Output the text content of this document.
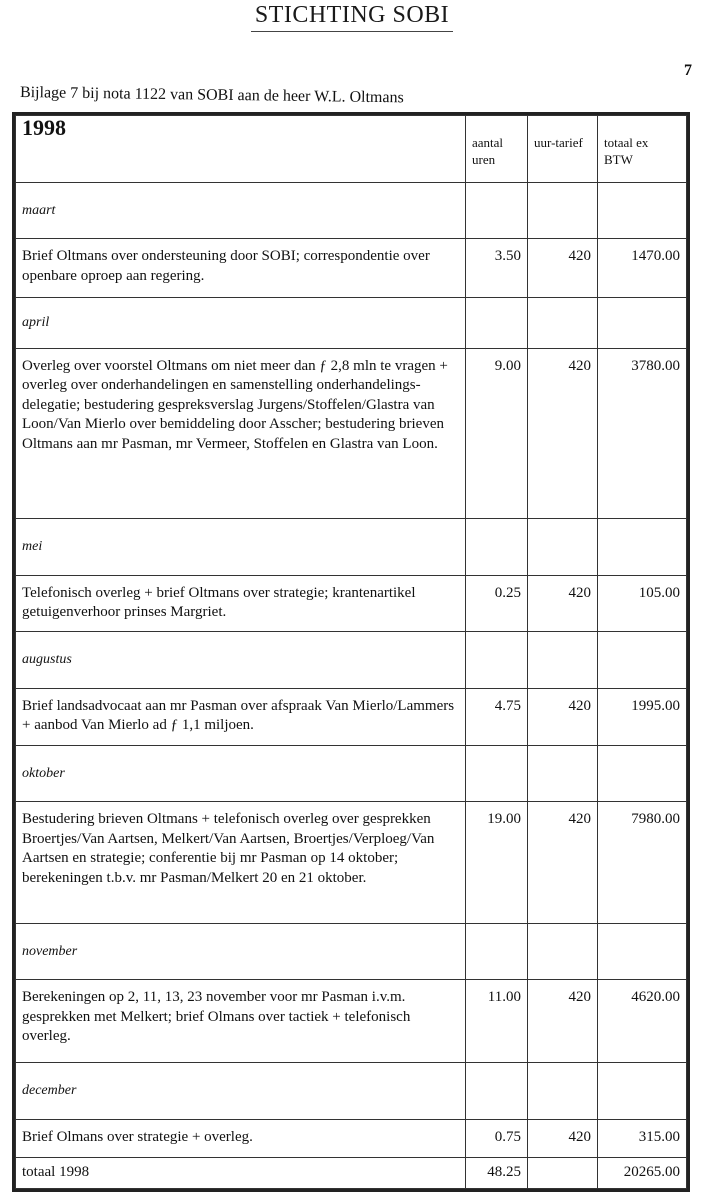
STICHTING SOBI
7
Bijlage 7 bij nota 1122 van SOBI aan de heer W.L. Oltmans
1998	aantal uren	uur-tarief	totaal ex BTW
maart			
Brief Oltmans over ondersteuning door SOBI; correspondentie over openbare oproep aan regering.	3.50	420	1470.00
april			
Overleg over voorstel Oltmans om niet meer dan ƒ 2,8 mln te vragen + overleg over onderhandelingen en samenstelling onderhandelings-delegatie; bestudering gespreksverslag Jurgens/Stoffelen/Glastra van Loon/Van Mierlo over bemiddeling door Asscher; bestudering brieven Oltmans aan mr Pasman, mr Vermeer, Stoffelen en Glastra van Loon.	9.00	420	3780.00
mei			
Telefonisch overleg + brief Oltmans over strategie; krantenartikel getuigenverhoor prinses Margriet.	0.25	420	105.00
augustus			
Brief landsadvocaat aan mr Pasman over afspraak Van Mierlo/Lammers + aanbod Van Mierlo ad ƒ 1,1 miljoen.	4.75	420	1995.00
oktober			
Bestudering brieven Oltmans + telefonisch overleg over gesprekken Broertjes/Van Aartsen, Melkert/Van Aartsen, Broertjes/Verploeg/Van Aartsen en strategie; conferentie bij mr Pasman op 14 oktober; berekeningen t.b.v. mr Pasman/Melkert 20 en 21 oktober.	19.00	420	7980.00
november			
Berekeningen op 2, 11, 13, 23 november voor mr Pasman i.v.m. gesprekken met Melkert; brief Olmans over tactiek + telefonisch overleg.	11.00	420	4620.00
december			
Brief Olmans over strategie + overleg.	0.75	420	315.00
totaal 1998	48.25		20265.00
